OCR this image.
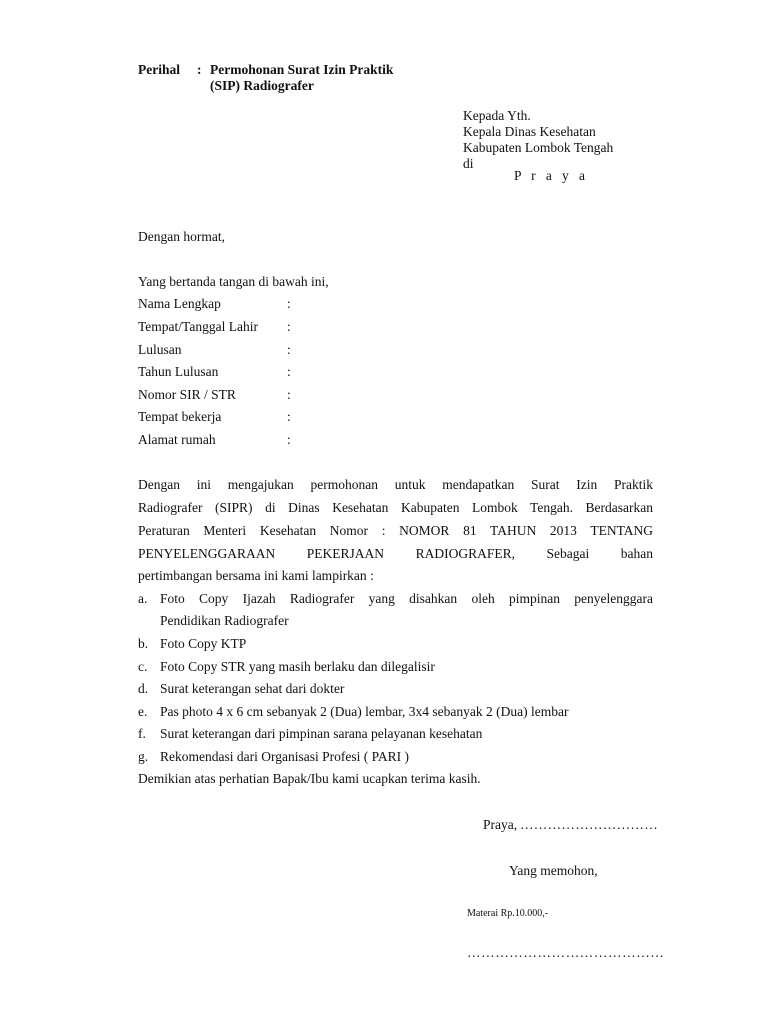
Perihal : Permohonan Surat Izin Praktik
(SIP) Radiografer
Kepada Yth.
Kepala Dinas Kesehatan
Kabupaten Lombok Tengah
di
P r a y a
Dengan hormat,
Yang bertanda tangan di bawah ini,
Nama Lengkap	:
Tempat/Tanggal Lahir :
Lulusan	:
Tahun Lulusan	:
Nomor SIR / STR	:
Tempat bekerja	:
Alamat rumah	:
Dengan ini mengajukan permohonan untuk mendapatkan Surat Izin Praktik
Radiografer (SIPR) di Dinas Kesehatan Kabupaten Lombok Tengah. Berdasarkan
Peraturan Menteri Kesehatan Nomor : NOMOR 81 TAHUN 2013 TENTANG
PENYELENGGARAAN PEKERJAAN RADIOGRAFER, Sebagai bahan
pertimbangan bersama ini kami lampirkan :
a. Foto Copy Ijazah Radiografer yang disahkan oleh pimpinan penyelenggara
Pendidikan Radiografer
b. Foto Copy KTP
c. Foto Copy STR yang masih berlaku dan dilegalisir
d. Surat keterangan sehat dari dokter
e. Pas photo 4 x 6 cm sebanyak 2 (Dua) lembar, 3x4 sebanyak 2 (Dua) lembar
f. Surat keterangan dari pimpinan sarana pelayanan kesehatan
g. Rekomendasi dari Organisasi Profesi ( PARI )
Demikian atas perhatian Bapak/Ibu kami ucapkan terima kasih.
Praya, …………………………
Yang memohon,
Materai Rp.10.000,-
……………………………………
